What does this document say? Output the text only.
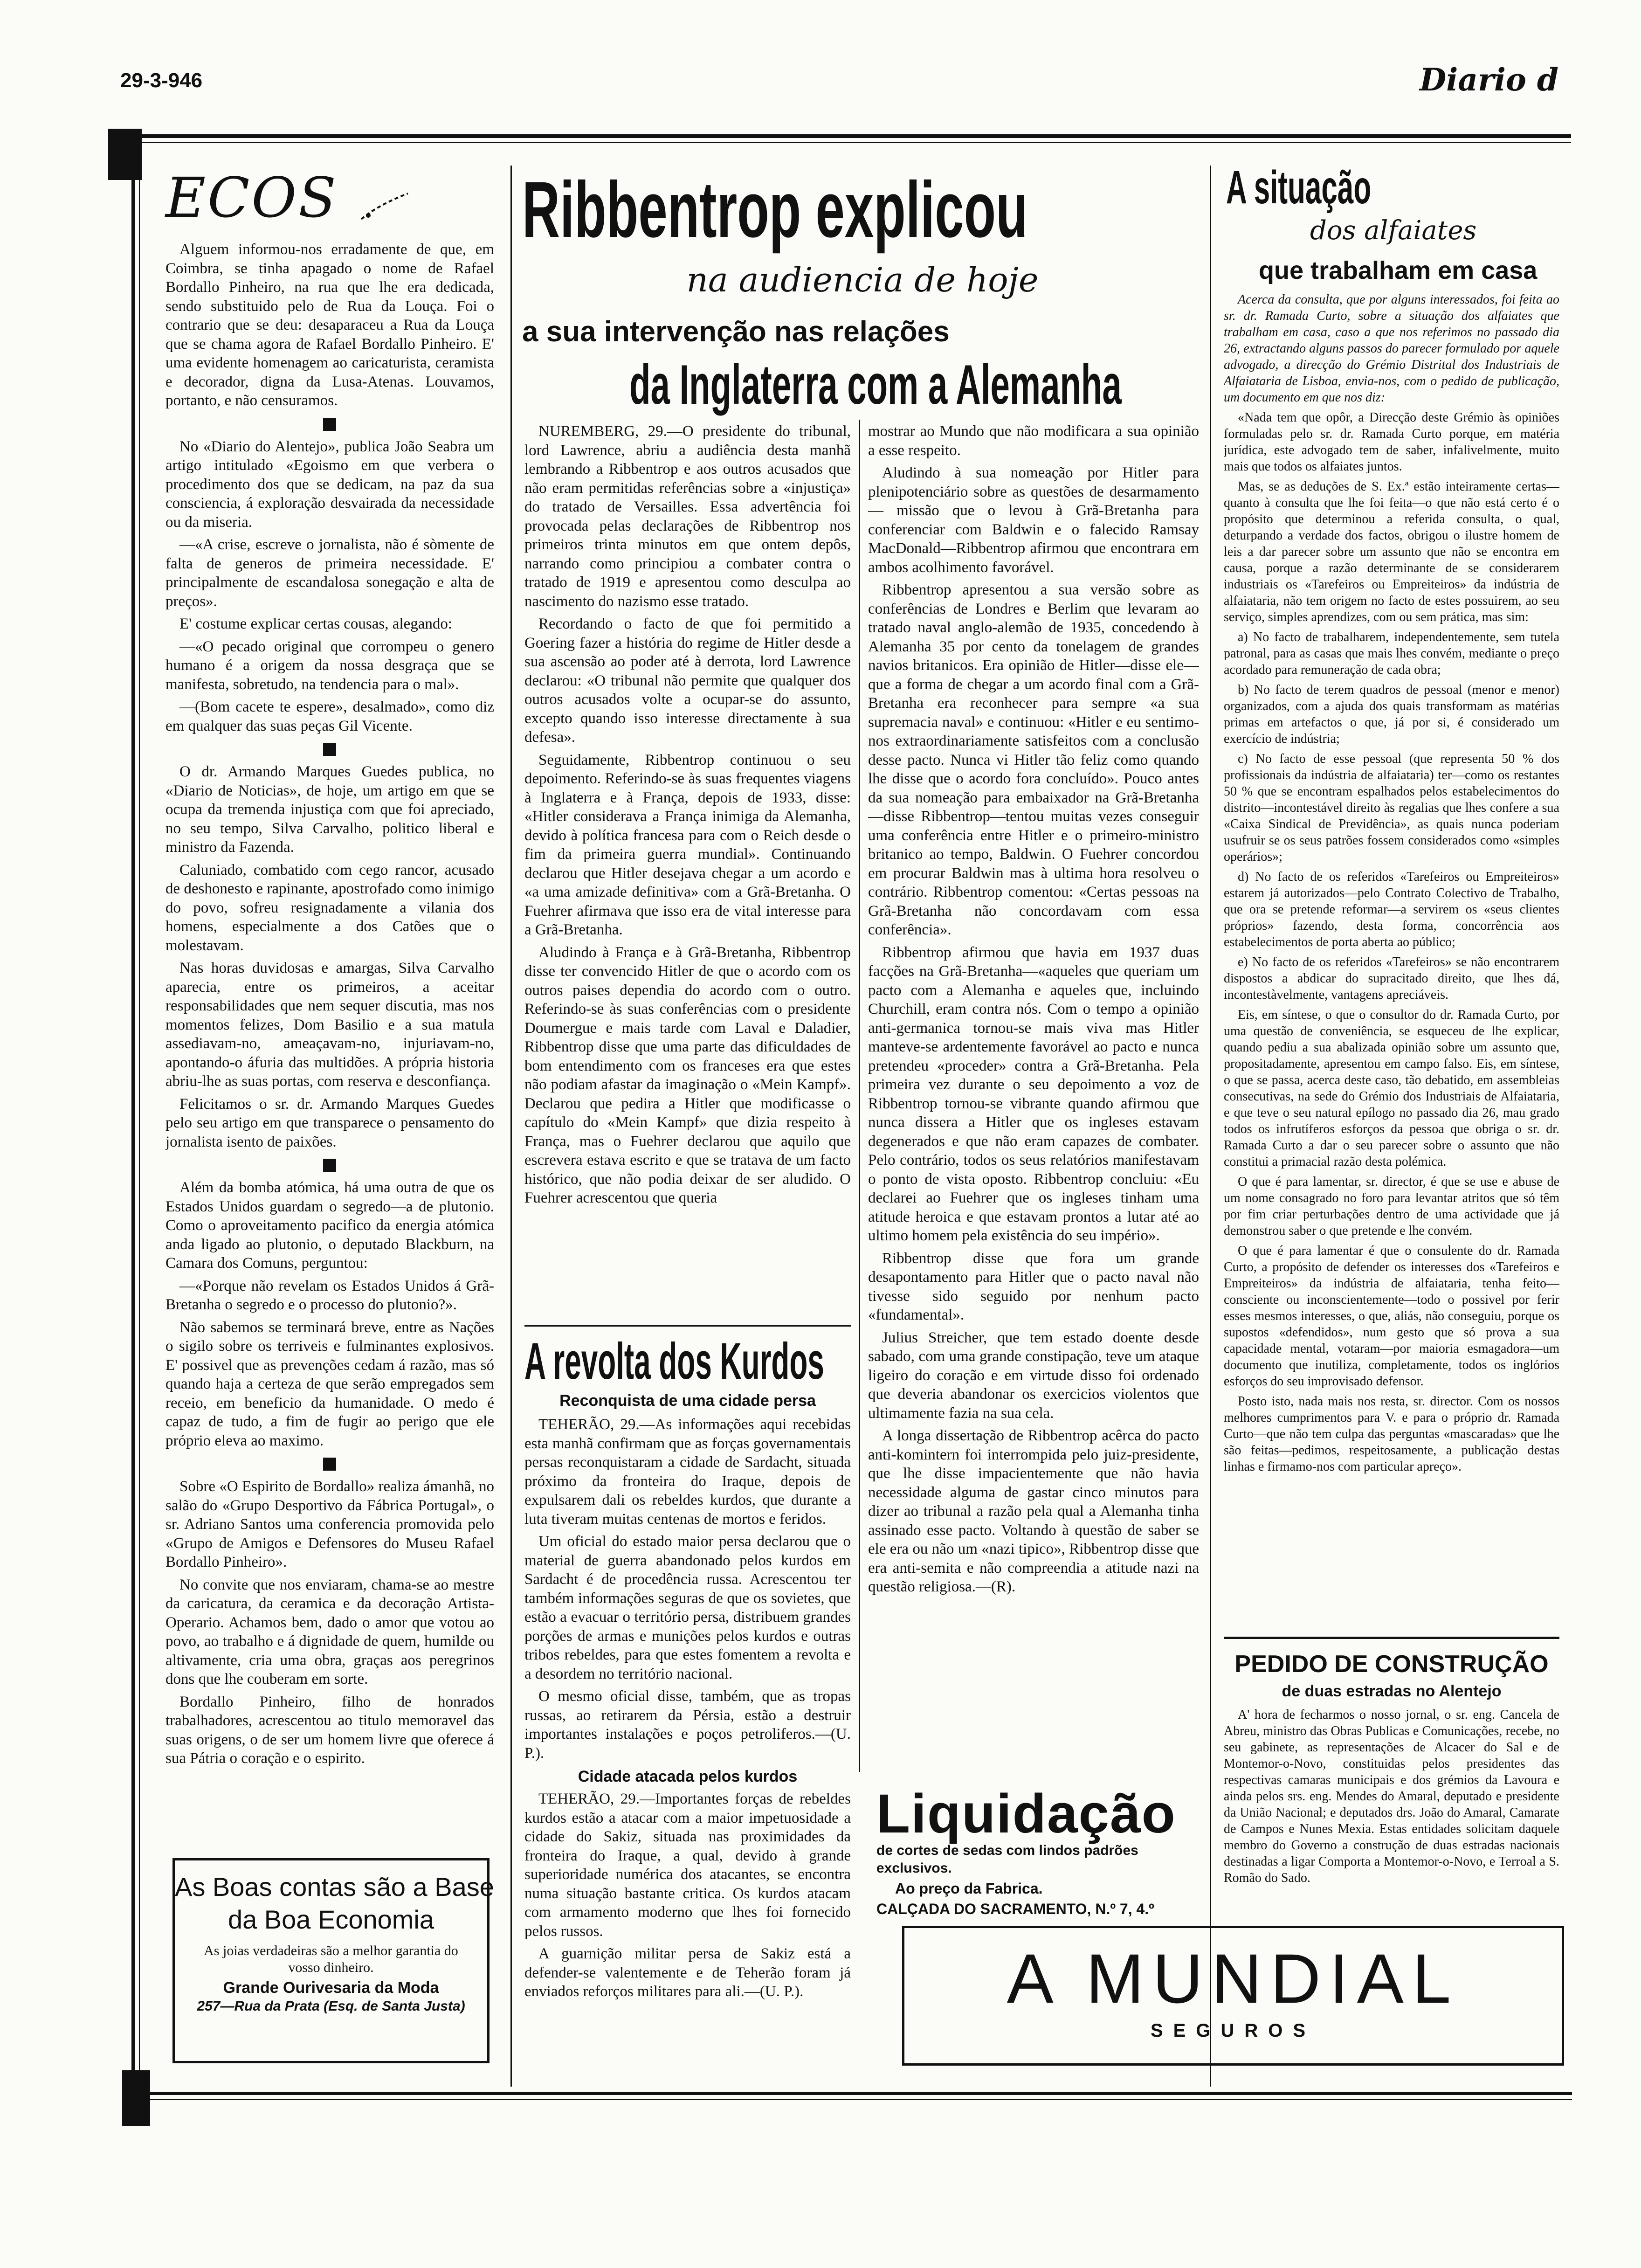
29-3-946	Diario d
ECOS

Alguem informou-nos erradamente de que, em Coimbra, se tinha apagado o nome de Rafael Bordallo Pinheiro, na rua que lhe era dedicada, sendo substituido pelo de Rua da Louça. Foi o contrario que se deu: desaparaceu a Rua da Louça que se chama agora de Rafael Bordallo Pinheiro. E' uma evidente homenagem ao caricaturista, ceramista e decorador, digna da Lusa-Atenas. Louvamos, portanto, e não censuramos.

No «Diario do Alentejo», publica João Seabra um artigo intitulado «Egoismo em que verbera o procedimento dos que se dedicam, na paz da sua consciencia, á exploração desvairada da necessidade ou da miseria.

—«A crise, escreve o jornalista, não é sòmente de falta de generos de primeira necessidade. E' principalmente de escandalosa sonegação e alta de preços».

E' costume explicar certas cousas, alegando:

—«O pecado original que corrompeu o genero humano é a origem da nossa desgraça que se manifesta, sobretudo, na tendencia para o mal».

—(Bom cacete te espere», desalmado», como diz em qualquer das suas peças Gil Vicente.

O dr. Armando Marques Guedes publica, no «Diario de Noticias», de hoje, um artigo em que se ocupa da tremenda injustiça com que foi apreciado, no seu tempo, Silva Carvalho, politico liberal e ministro da Fazenda.

Caluniado, combatido com cego rancor, acusado de deshonesto e rapinante, apostrofado como inimigo do povo, sofreu resignadamente a vilania dos homens, especialmente a dos Catões que o molestavam.

Nas horas duvidosas e amargas, Silva Carvalho aparecia, entre os primeiros, a aceitar responsabilidades que nem sequer discutia, mas nos momentos felizes, Dom Basilio e a sua matula assediavam-no, ameaçavam-no, injuriavam-no, apontando-o áfuria das multidões. A própria historia abriu-lhe as suas portas, com reserva e desconfiança.

Felicitamos o sr. dr. Armando Marques Guedes pelo seu artigo em que transparece o pensamento do jornalista isento de paixões.

Além da bomba atómica, há uma outra de que os Estados Unidos guardam o segredo—a de plutonio. Como o aproveitamento pacifico da energia atómica anda ligado ao plutonio, o deputado Blackburn, na Camara dos Comuns, perguntou:

—«Porque não revelam os Estados Unidos á Grã-Bretanha o segredo e o processo do plutonio?».

Não sabemos se terminará breve, entre as Nações o sigilo sobre os terriveis e fulminantes explosivos. E' possivel que as prevenções cedam á razão, mas só quando haja a certeza de que serão empregados sem receio, em beneficio da humanidade. O medo é capaz de tudo, a fim de fugir ao perigo que ele próprio eleva ao maximo.

Sobre «O Espirito de Bordallo» realiza ámanhã, no salão do «Grupo Desportivo da Fábrica Portugal», o sr. Adriano Santos uma conferencia promovida pelo «Grupo de Amigos e Defensores do Museu Rafael Bordallo Pinheiro».

No convite que nos enviaram, chama-se ao mestre da caricatura, da ceramica e da decoração Artista-Operario. Achamos bem, dado o amor que votou ao povo, ao trabalho e á dignidade de quem, humilde ou altivamente, cria uma obra, graças aos peregrinos dons que lhe couberam em sorte.

Bordallo Pinheiro, filho de honrados trabalhadores, acrescentou ao titulo memoravel das suas origens, o de ser um homem livre que oferece á sua Pátria o coração e o espirito.

As Boas contas são a Base
da Boa Economia
As joias verdadeiras são a melhor garantia do vosso dinheiro.
Grande Ourivesaria da Moda
257—Rua da Prata (Esq. de Santa Justa)
Ribbentrop explicou
na audiencia de hoje
a sua intervenção nas relações
da Inglaterra com a Alemanha

NUREMBERG, 29.—O presidente do tribunal, lord Lawrence, abriu a audiência desta manhã lembrando a Ribbentrop e aos outros acusados que não eram permitidas referências sobre a «injustiça» do tratado de Versailles. Essa advertência foi provocada pelas declarações de Ribbentrop nos primeiros trinta minutos em que ontem depôs, narrando como principiou a combater contra o tratado de 1919 e apresentou como desculpa ao nascimento do nazismo esse tratado.

Recordando o facto de que foi permitido a Goering fazer a história do regime de Hitler desde a sua ascensão ao poder até à derrota, lord Lawrence declarou: «O tribunal não permite que qualquer dos outros acusados volte a ocupar-se do assunto, excepto quando isso interesse directamente à sua defesa».

Seguidamente, Ribbentrop continuou o seu depoimento. Referindo-se às suas frequentes viagens à Inglaterra e à França, depois de 1933, disse: «Hitler considerava a França inimiga da Alemanha, devido à política francesa para com o Reich desde o fim da primeira guerra mundial». Continuando declarou que Hitler desejava chegar a um acordo e «a uma amizade definitiva» com a Grã-Bretanha. O Fuehrer afirmava que isso era de vital interesse para a Grã-Bretanha.

Aludindo à França e à Grã-Bretanha, Ribbentrop disse ter convencido Hitler de que o acordo com os outros paises dependia do acordo com o outro. Referindo-se às suas conferências com o presidente Doumergue e mais tarde com Laval e Daladier, Ribbentrop disse que uma parte das dificuldades de bom entendimento com os franceses era que estes não podiam afastar da imaginação o «Mein Kampf». Declarou que pedira a Hitler que modificasse o capítulo do «Mein Kampf» que dizia respeito à França, mas o Fuehrer declarou que aquilo que escrevera estava escrito e que se tratava de um facto histórico, que não podia deixar de ser aludido. O Fuehrer acrescentou que queria

mostrar ao Mundo que não modificara a sua opinião a esse respeito.

Aludindo à sua nomeação por Hitler para plenipotenciário sobre as questões de desarmamento — missão que o levou à Grã-Bretanha para conferenciar com Baldwin e o falecido Ramsay MacDonald—Ribbentrop afirmou que encontrara em ambos acolhimento favorável.

Ribbentrop apresentou a sua versão sobre as conferências de Londres e Berlim que levaram ao tratado naval anglo-alemão de 1935, concedendo à Alemanha 35 por cento da tonelagem de grandes navios britanicos. Era opinião de Hitler—disse ele—que a forma de chegar a um acordo final com a Grã-Bretanha era reconhecer para sempre «a sua supremacia naval» e continuou: «Hitler e eu sentimo-nos extraordinariamente satisfeitos com a conclusão desse pacto. Nunca vi Hitler tão feliz como quando lhe disse que o acordo fora concluído». Pouco antes da sua nomeação para embaixador na Grã-Bretanha—disse Ribbentrop—tentou muitas vezes conseguir uma conferência entre Hitler e o primeiro-ministro britanico ao tempo, Baldwin. O Fuehrer concordou em procurar Baldwin mas à ultima hora resolveu o contrário. Ribbentrop comentou: «Certas pessoas na Grã-Bretanha não concordavam com essa conferência».

Ribbentrop afirmou que havia em 1937 duas facções na Grã-Bretanha—«aqueles que queriam um pacto com a Alemanha e aqueles que, incluindo Churchill, eram contra nós. Com o tempo a opinião anti-germanica tornou-se mais viva mas Hitler manteve-se ardentemente favorável ao pacto e nunca pretendeu «proceder» contra a Grã-Bretanha. Pela primeira vez durante o seu depoimento a voz de Ribbentrop tornou-se vibrante quando afirmou que nunca dissera a Hitler que os ingleses estavam degenerados e que não eram capazes de combater. Pelo contrário, todos os seus relatórios manifestavam o ponto de vista oposto. Ribbentrop concluiu: «Eu declarei ao Fuehrer que os ingleses tinham uma atitude heroica e que estavam prontos a lutar até ao ultimo homem pela existência do seu império».

Ribbentrop disse que fora um grande desapontamento para Hitler que o pacto naval não tivesse sido seguido por nenhum pacto «fundamental».

Julius Streicher, que tem estado doente desde sabado, com uma grande constipação, teve um ataque ligeiro do coração e em virtude disso foi ordenado que deveria abandonar os exercicios violentos que ultimamente fazia na sua cela.

A longa dissertação de Ribbentrop acêrca do pacto anti-komintern foi interrompida pelo juiz-presidente, que lhe disse impacientemente que não havia necessidade alguma de gastar cinco minutos para dizer ao tribunal a razão pela qual a Alemanha tinha assinado esse pacto. Voltando à questão de saber se ele era ou não um «nazi tipico», Ribbentrop disse que era anti-semita e não compreendia a atitude nazi na questão religiosa.—(R).

A revolta dos Kurdos
Reconquista de uma cidade persa

TEHERÃO, 29.—As informações aqui recebidas esta manhã confirmam que as forças governamentais persas reconquistaram a cidade de Sardacht, situada próximo da fronteira do Iraque, depois de expulsarem dali os rebeldes kurdos, que durante a luta tiveram muitas centenas de mortos e feridos.

Um oficial do estado maior persa declarou que o material de guerra abandonado pelos kurdos em Sardacht é de procedência russa. Acrescentou ter também informações seguras de que os sovietes, que estão a evacuar o território persa, distribuem grandes porções de armas e munições pelos kurdos e outras tribos rebeldes, para que estes fomentem a revolta e a desordem no território nacional.

O mesmo oficial disse, também, que as tropas russas, ao retirarem da Pérsia, estão a destruir importantes instalações e poços petroliferos.—(U. P.).

Cidade atacada pelos kurdos

TEHERÃO, 29.—Importantes forças de rebeldes kurdos estão a atacar com a maior impetuosidade a cidade do Sakiz, situada nas proximidades da fronteira do Iraque, a qual, devido à grande superioridade numérica dos atacantes, se encontra numa situação bastante critica. Os kurdos atacam com armamento moderno que lhes foi fornecido pelos russos.

A guarnição militar persa de Sakiz está a defender-se valentemente e de Teherão foram já enviados reforços militares para ali.—(U. P.).

Liquidação
de cortes de sedas com lindos padrões exclusivos.
Ao preço da Fabrica.
CALÇADA DO SACRAMENTO, N.º 7, 4.º
A MUNDIAL
SEGUROS
A situação
dos alfaiates
que trabalham em casa

Acerca da consulta, que por alguns interessados, foi feita ao sr. dr. Ramada Curto, sobre a situação dos alfaiates que trabalham em casa, caso a que nos referimos no passado dia 26, extractando alguns passos do parecer formulado por aquele advogado, a direcção do Grémio Distrital dos Industriais de Alfaiataria de Lisboa, envia-nos, com o pedido de publicação, um documento em que nos diz:

«Nada tem que opôr, a Direcção deste Grémio às opiniões formuladas pelo sr. dr. Ramada Curto porque, em matéria jurídica, este advogado tem de saber, infalivelmente, muito mais que todos os alfaiates juntos.

Mas, se as deduções de S. Ex.ª estão inteiramente certas—quanto à consulta que lhe foi feita—o que não está certo é o propósito que determinou a referida consulta, o qual, deturpando a verdade dos factos, obrigou o ilustre homem de leis a dar parecer sobre um assunto que não se encontra em causa, porque a razão determinante de se considerarem industriais os «Tarefeiros ou Empreiteiros» da indústria de alfaiataria, não tem origem no facto de estes possuirem, ao seu serviço, simples aprendizes, com ou sem prática, mas sim:

a) No facto de trabalharem, independentemente, sem tutela patronal, para as casas que mais lhes convém, mediante o preço acordado para remuneração de cada obra;

b) No facto de terem quadros de pessoal (menor e menor) organizados, com a ajuda dos quais transformam as matérias primas em artefactos o que, já por si, é considerado um exercício de indústria;

c) No facto de esse pessoal (que representa 50 % dos profissionais da indústria de alfaiataria) ter—como os restantes 50 % que se encontram espalhados pelos estabelecimentos do distrito—incontestável direito às regalias que lhes confere a sua «Caixa Sindical de Previdência», as quais nunca poderiam usufruir se os seus patrões fossem considerados como «simples operários»;

d) No facto de os referidos «Tarefeiros ou Empreiteiros» estarem já autorizados—pelo Contrato Colectivo de Trabalho, que ora se pretende reformar—a servirem os «seus clientes próprios» fazendo, desta forma, concorrência aos estabelecimentos de porta aberta ao público;

e) No facto de os referidos «Tarefeiros» se não encontrarem dispostos a abdicar do supracitado direito, que lhes dá, incontestàvelmente, vantagens apreciáveis.

Eis, em síntese, o que o consultor do dr. Ramada Curto, por uma questão de conveniência, se esqueceu de lhe explicar, quando pediu a sua abalizada opinião sobre um assunto que, propositadamente, apresentou em campo falso. Eis, em síntese, o que se passa, acerca deste caso, tão debatido, em assembleias consecutivas, na sede do Grémio dos Industriais de Alfaiataria, e que teve o seu natural epílogo no passado dia 26, mau grado todos os infrutíferos esforços da pessoa que obriga o sr. dr. Ramada Curto a dar o seu parecer sobre o assunto que não constitui a primacial razão desta polémica.

O que é para lamentar, sr. director, é que se use e abuse de um nome consagrado no foro para levantar atritos que só têm por fim criar perturbações dentro de uma actividade que já demonstrou saber o que pretende e lhe convém.

O que é para lamentar é que o consulente do dr. Ramada Curto, a propósito de defender os interesses dos «Tarefeiros e Empreiteiros» da indústria de alfaiataria, tenha feito—consciente ou inconscientemente—todo o possivel por ferir esses mesmos interesses, o que, aliás, não conseguiu, porque os supostos «defendidos», num gesto que só prova a sua capacidade mental, votaram—por maioria esmagadora—um documento que inutiliza, completamente, todos os inglórios esforços do seu improvisado defensor.

Posto isto, nada mais nos resta, sr. director. Com os nossos melhores cumprimentos para V. e para o próprio dr. Ramada Curto—que não tem culpa das perguntas «mascaradas» que lhe são feitas—pedimos, respeitosamente, a publicação destas linhas e firmamo-nos com particular apreço».

PEDIDO DE CONSTRUÇÃO
de duas estradas no Alentejo

A' hora de fecharmos o nosso jornal, o sr. eng. Cancela de Abreu, ministro das Obras Publicas e Comunicações, recebe, no seu gabinete, as representações de Alcacer do Sal e de Montemor-o-Novo, constituidas pelos presidentes das respectivas camaras municipais e dos grémios da Lavoura e ainda pelos srs. eng. Mendes do Amaral, deputado e presidente da União Nacional; e deputados drs. João do Amaral, Camarate de Campos e Nunes Mexia. Estas entidades solicitam daquele membro do Governo a construção de duas estradas nacionais destinadas a ligar Comporta a Montemor-o-Novo, e Terroal a S. Romão do Sado.
